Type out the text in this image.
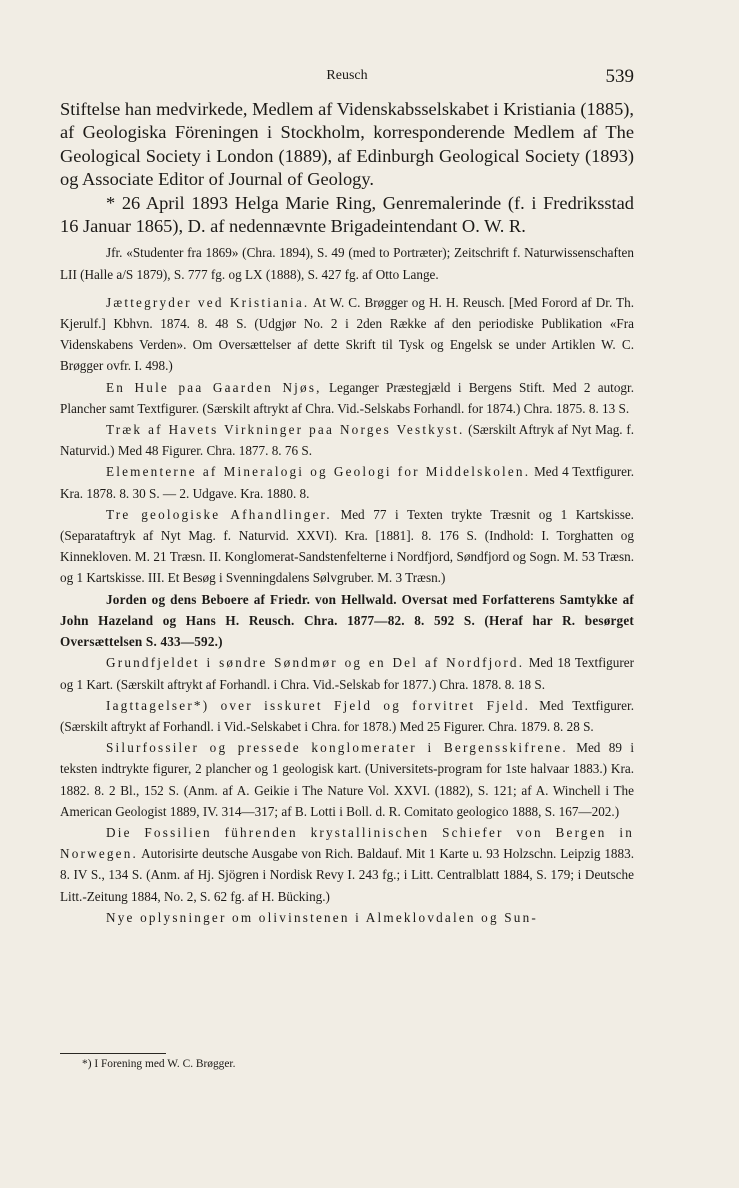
Reusch	539

Stiftelse han medvirkede, Medlem af Videnskabsselskabet i Kristiania (1885), af Geologiska Föreningen i Stockholm, korresponderende Medlem af The Geological Society i London (1889), af Edinburgh Geological Society (1893) og Associate Editor of Journal of Geology.

* 26 April 1893 Helga Marie Ring, Genremalerinde (f. i Fredriksstad 16 Januar 1865), D. af nedennævnte Brigadeintendant O. W. R.

Jfr. «Studenter fra 1869» (Chra. 1894), S. 49 (med to Portræter); Zeitschrift f. Naturwissenschaften LII (Halle a/S 1879), S. 777 fg. og LX (1888), S. 427 fg. af Otto Lange.

Jættegryder ved Kristiania. At W. C. Brøgger og H. H. Reusch. [Med Forord af Dr. Th. Kjerulf.] Kbhvn. 1874. 8. 48 S. (Udgjør No. 2 i 2den Række af den periodiske Publikation «Fra Videnskabens Verden». Om Oversættelser af dette Skrift til Tysk og Engelsk se under Artiklen W. C. Brøgger ovfr. I. 498.)

En Hule paa Gaarden Njøs, Leganger Præstegjæld i Bergens Stift. Med 2 autogr. Plancher samt Textfigurer. (Særskilt aftrykt af Chra. Vid.-Selskabs Forhandl. for 1874.) Chra. 1875. 8. 13 S.

Træk af Havets Virkninger paa Norges Vestkyst. (Særskilt Aftryk af Nyt Mag. f. Naturvid.) Med 48 Figurer. Chra. 1877. 8. 76 S.

Elementerne af Mineralogi og Geologi for Middelskolen. Med 4 Textfigurer. Kra. 1878. 8. 30 S. — 2. Udgave. Kra. 1880. 8.

Tre geologiske Afhandlinger. Med 77 i Texten trykte Træsnit og 1 Kartskisse. (Separataftryk af Nyt Mag. f. Naturvid. XXVI). Kra. [1881]. 8. 176 S. (Indhold: I. Torghatten og Kinnekloven. M. 21 Træsn. II. Konglomerat-Sandstenfelterne i Nordfjord, Søndfjord og Sogn. M. 53 Træsn. og 1 Kartskisse. III. Et Besøg i Svenningdalens Sølvgruber. M. 3 Træsn.)

Jorden og dens Beboere af Friedr. von Hellwald. Oversat med Forfatterens Samtykke af John Hazeland og Hans H. Reusch. Chra. 1877—82. 8. 592 S. (Heraf har R. besørget Oversættelsen S. 433—592.)

Grundfjeldet i søndre Søndmør og en Del af Nordfjord. Med 18 Textfigurer og 1 Kart. (Særskilt aftrykt af Forhandl. i Chra. Vid.-Selskab for 1877.) Chra. 1878. 8. 18 S.

Iagttagelser*) over isskuret Fjeld og forvitret Fjeld. Med Textfigurer. (Særskilt aftrykt af Forhandl. i Vid.-Selskabet i Chra. for 1878.) Med 25 Figurer. Chra. 1879. 8. 28 S.

Silurfossiler og pressede konglomerater i Bergensskifrene. Med 89 i teksten indtrykte figurer, 2 plancher og 1 geologisk kart. (Universitets-program for 1ste halvaar 1883.) Kra. 1882. 8. 2 Bl., 152 S. (Anm. af A. Geikie i The Nature Vol. XXVI. (1882), S. 121; af A. Winchell i The American Geologist 1889, IV. 314—317; af B. Lotti i Boll. d. R. Comitato geologico 1888, S. 167—202.)

Die Fossilien führenden krystallinischen Schiefer von Bergen in Norwegen. Autorisirte deutsche Ausgabe von Rich. Baldauf. Mit 1 Karte u. 93 Holzschn. Leipzig 1883. 8. IV S., 134 S. (Anm. af Hj. Sjögren i Nordisk Revy I. 243 fg.; i Litt. Centralblatt 1884, S. 179; i Deutsche Litt.-Zeitung 1884, No. 2, S. 62 fg. af H. Bücking.)

Nye oplysninger om olivinstenen i Almeklovdalen og Sun-

*) I Forening med W. C. Brøgger.
